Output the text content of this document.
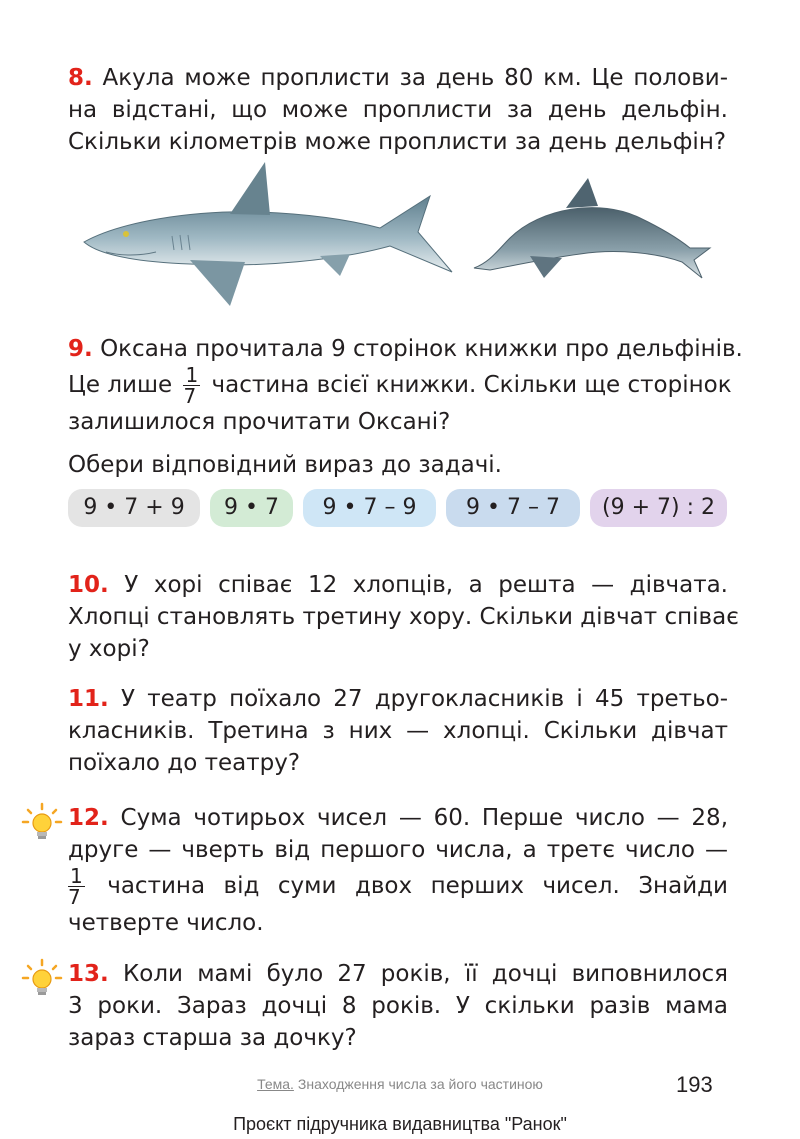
8. Акула може проплисти за день 80 км. Це полови-
на відстані, що може проплисти за день дельфін.
Скільки кілометрів може проплисти за день дельфін?
9. Оксана прочитала 9 сторінок книжки про дельфінів.
Це лише $\frac{1}{7}$ частина всієї книжки. Скільки ще сторінок
залишилося прочитати Оксані?
Обери відповідний вираз до задачі.
9 • 7 + 9	9 • 7	9 • 7 – 9	9 • 7 – 7	(9 + 7) : 2
10. У хорі співає 12 хлопців, а решта — дівчата.
Хлопці становлять третину хору. Скільки дівчат співає
у хорі?
11. У театр поїхало 27 другокласників і 45 третьо-
класників. Третина з них — хлопці. Скільки дівчат
поїхало до театру?
12. Сума чотирьох чисел — 60. Перше число — 28,
друге — чверть від першого числа, а третє число —
$\frac{1}{7}$ частина від суми двох перших чисел. Знайди
четверте число.
13. Коли мамі було 27 років, її дочці виповнилося
3 роки. Зараз дочці 8 років. У скільки разів мама
зараз старша за дочку?
Тема. Знаходження числа за його частиною	193
Проєкт підручника видавництва "Ранок"
